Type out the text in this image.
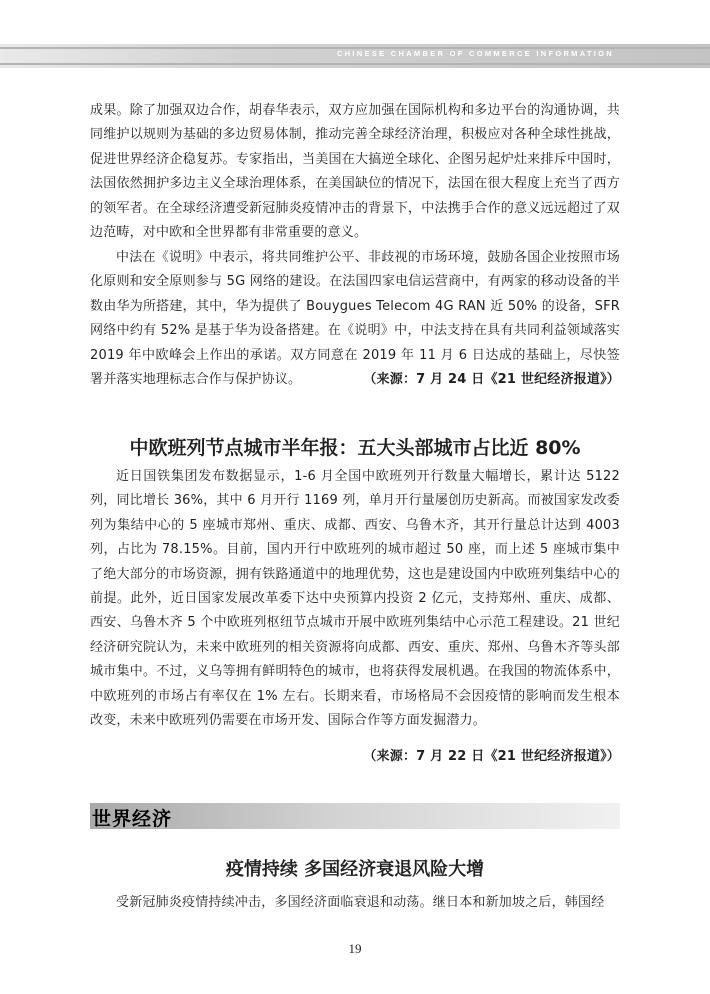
CHINESE CHAMBER OF COMMERCE INFORMATION

成果。除了加强双边合作，胡春华表示，双方应加强在国际机构和多边平台的沟通协调，共同维护以规则为基础的多边贸易体制，推动完善全球经济治理，积极应对各种全球性挑战，促进世界经济企稳复苏。专家指出，当美国在大搞逆全球化、企图另起炉灶来排斥中国时，法国依然拥护多边主义全球治理体系，在美国缺位的情况下，法国在很大程度上充当了西方的领军者。在全球经济遭受新冠肺炎疫情冲击的背景下，中法携手合作的意义远远超过了双边范畴，对中欧和全世界都有非常重要的意义。

中法在《说明》中表示，将共同维护公平、非歧视的市场环境，鼓励各国企业按照市场化原则和安全原则参与 5G 网络的建设。在法国四家电信运营商中，有两家的移动设备的半数由华为所搭建，其中，华为提供了 Bouygues Telecom 4G RAN 近 50% 的设备，SFR 网络中约有 52% 是基于华为设备搭建。在《说明》中，中法支持在具有共同利益领域落实 2019 年中欧峰会上作出的承诺。双方同意在 2019 年 11 月 6 日达成的基础上，尽快签署并落实地理标志合作与保护协议。	（来源：7 月 24 日《21 世纪经济报道》）

中欧班列节点城市半年报：五大头部城市占比近 80%

近日国铁集团发布数据显示，1-6 月全国中欧班列开行数量大幅增长，累计达 5122 列，同比增长 36%，其中 6 月开行 1169 列，单月开行量屡创历史新高。而被国家发改委列为集结中心的 5 座城市郑州、重庆、成都、西安、乌鲁木齐，其开行量总计达到 4003 列，占比为 78.15%。目前，国内开行中欧班列的城市超过 50 座，而上述 5 座城市集中了绝大部分的市场资源，拥有铁路通道中的地理优势，这也是建设国内中欧班列集结中心的前提。此外，近日国家发展改革委下达中央预算内投资 2 亿元，支持郑州、重庆、成都、西安、乌鲁木齐 5 个中欧班列枢纽节点城市开展中欧班列集结中心示范工程建设。21 世纪经济研究院认为，未来中欧班列的相关资源将向成都、西安、重庆、郑州、乌鲁木齐等头部城市集中。不过，义乌等拥有鲜明特色的城市，也将获得发展机遇。在我国的物流体系中，中欧班列的市场占有率仅在 1% 左右。长期来看，市场格局不会因疫情的影响而发生根本改变，未来中欧班列仍需要在市场开发、国际合作等方面发掘潜力。

（来源：7 月 22 日《21 世纪经济报道》）

世界经济
疫情持续 多国经济衰退风险大增

受新冠肺炎疫情持续冲击，多国经济面临衰退和动荡。继日本和新加坡之后，韩国经

19
